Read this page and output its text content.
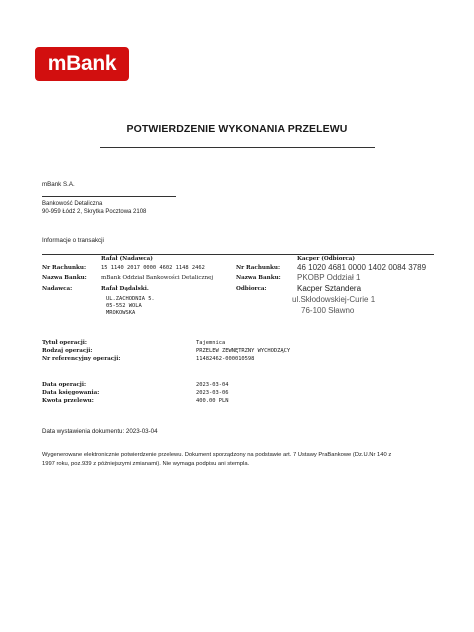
mBank
POTWIERDZENIE WYKONANIA PRZELEWU
mBank S.A.
Bankowość Detaliczna
90-959 Łódź 2, Skrytka Pocztowa 2108
Informacje o transakcji
Rafał (Nadawca)	Kacper (Odbiorca)
Nr Rachunku:	15 1140 2017 0000 4602 1148 2462	Nr Rachunku: 46 1020 4681 0000 1402 0084 3789
Nazwa Banku:	mBank Oddział Bankowości Detalicznej	Nazwa Banku: PKOBP Oddział 1
Nadawca:	Rafał Dądalski.	Odbiorca:	Kacper Sztandera
UL.ZACHODNIA 5.
05-552 WOLA
MROKOWSKA
ul.Skłodowskiej-Curie 1
76-100 Sławno
Tytuł operacji:	Tajemnica
Rodzaj operacji:	PRZELEW ZEWNĘTRZNY WYCHODZĄCY
Nr referencyjny operacji:	11482462-000010598
Data operacji:	2023-03-04
Data księgowania:	2023-03-06
Kwota przelewu:	400.00 PLN
Data wystawienia dokumentu: 2023-03-04
Wygenerowane elektronicznie potwierdzenie przelewu. Dokument sporządzony na podstawie art. 7 Ustawy PraBankowe (Dz.U.Nr 140 z 1997 roku, poz.939 z późniejszymi zmianami). Nie wymaga podpisu ani stempla.
